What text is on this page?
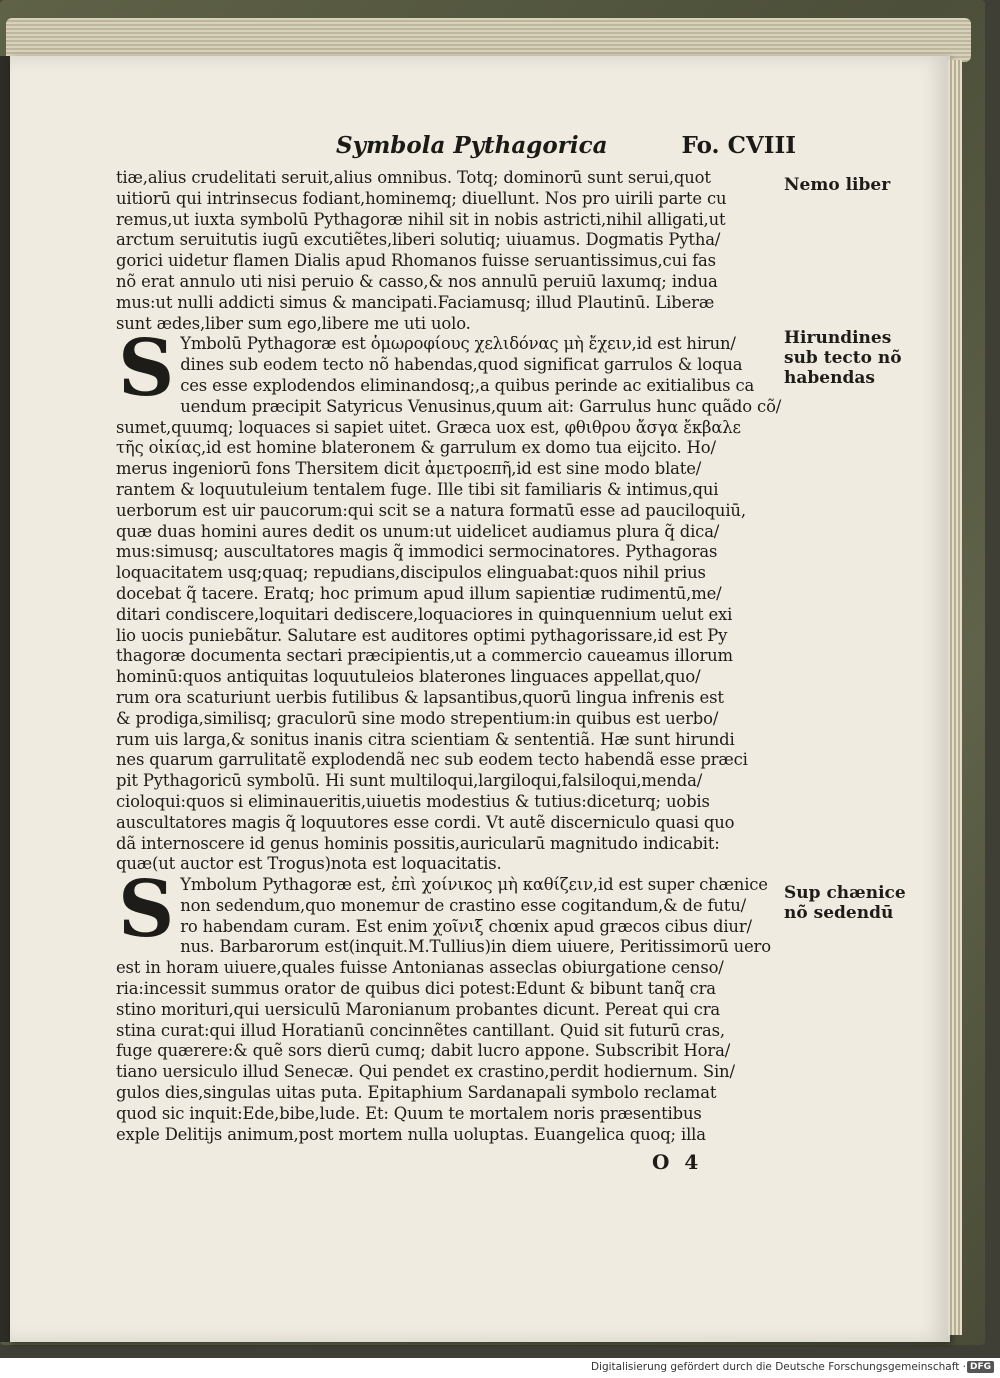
Symbola Pythagorica	Fo. CVIII
Nemo liber
Hirundines
sub tecto nõ
habendas
Sup chænice
nõ sedendū
tiæ,alius crudelitati seruit,alius omnibus. Totq; dominorū sunt serui,quot
uitiorū qui intrinsecus fodiant,hominemq; diuellunt. Nos pro uirili parte cu
remus,ut iuxta symbolū Pythagoræ nihil sit in nobis astricti,nihil alligati,ut
arctum seruitutis iugū excutiẽtes,liberi solutiq; uiuamus. Dogmatis Pytha/
gorici uidetur flamen Dialis apud Rhomanos fuisse seruantissimus,cui fas
nõ erat annulo uti nisi peruio & casso,& nos annulū peruiū laxumq; indua
mus:ut nulli addicti simus & mancipati.Faciamusq; illud Plautinū. Liberæ
sunt ædes,liber sum ego,libere me uti uolo.
S Ymbolū Pythagoræ est ὁμωροφίους χελιδόνας μὴ ἔχειν,id est hirun/
dines sub eodem tecto nõ habendas,quod significat garrulos & loqua
ces esse explodendos eliminandosq;,a quibus perinde ac exitialibus ca
uendum præcipit Satyricus Venusinus,quum ait: Garrulus hunc quãdo cõ/
sumet,quumq; loquaces si sapiet uitet. Græca uox est, φθιθρου ἄσγα ἔκβαλε
τῆς οἰκίας,id est homine blateronem & garrulum ex domo tua eijcito. Ho/
merus ingeniorū fons Thersitem dicit ἀμετροεπῆ,id est sine modo blate/
rantem & loquutuleium tentalem fuge. Ille tibi sit familiaris & intimus,qui
uerborum est uir paucorum:qui scit se a natura formatū esse ad pauciloquiū,
quæ duas homini aures dedit os unum:ut uidelicet audiamus plura q̃ dica/
mus:simusq; auscultatores magis q̃ immodici sermocinatores. Pythagoras
loquacitatem usq;quaq; repudians,discipulos elinguabat:quos nihil prius
docebat q̃ tacere. Eratq; hoc primum apud illum sapientiæ rudimentū,me/
ditari condiscere,loquitari dediscere,loquaciores in quinquennium uelut exi
lio uocis puniebãtur. Salutare est auditores optimi pythagorissare,id est Py
thagoræ documenta sectari præcipientis,ut a commercio caueamus illorum
hominū:quos antiquitas loquutuleios blaterones linguaces appellat,quo/
rum ora scaturiunt uerbis futilibus & lapsantibus,quorū lingua infrenis est
& prodiga,similisq; graculorū sine modo strepentium:in quibus est uerbo/
rum uis larga,& sonitus inanis citra scientiam & sententiã. Hæ sunt hirundi
nes quarum garrulitatẽ explodendã nec sub eodem tecto habendã esse præci
pit Pythagoricū symbolū. Hi sunt multiloqui,largiloqui,falsiloqui,menda/
cioloqui:quos si eliminaueritis,uiuetis modestius & tutius:diceturq; uobis
auscultatores magis q̃ loquutores esse cordi. Vt autẽ discerniculo quasi quo
dã internoscere id genus hominis possitis,auricularū magnitudo indicabit:
quæ(ut auctor est Trogus)nota est loquacitatis.
S Ymbolum Pythagoræ est, ἐπὶ χοίνικος μὴ καθίζειν,id est super chænice
non sedendum,quo monemur de crastino esse cogitandum,& de futu/
ro habendam curam. Est enim χοῖνιξ chœnix apud græcos cibus diur/
nus. Barbarorum est(inquit.M.Tullius)in diem uiuere, Peritissimorū uero
est in horam uiuere,quales fuisse Antonianas asseclas obiurgatione censo/
ria:incessit summus orator de quibus dici potest:Edunt & bibunt tanq̃ cra
stino morituri,qui uersiculū Maronianum probantes dicunt. Pereat qui cra
stina curat:qui illud Horatianū concinnẽtes cantillant. Quid sit futurū cras,
fuge quærere:& quẽ sors dierū cumq; dabit lucro appone. Subscribit Hora/
tiano uersiculo illud Senecæ. Qui pendet ex crastino,perdit hodiernum. Sin/
gulos dies,singulas uitas puta. Epitaphium Sardanapali symbolo reclamat
quod sic inquit:Ede,bibe,lude. Et: Quum te mortalem noris præsentibus
exple Delitijs animum,post mortem nulla uoluptas. Euangelica quoq; illa
O 4
Digitalisierung gefördert durch die Deutsche Forschungsgemeinschaft · DFG
